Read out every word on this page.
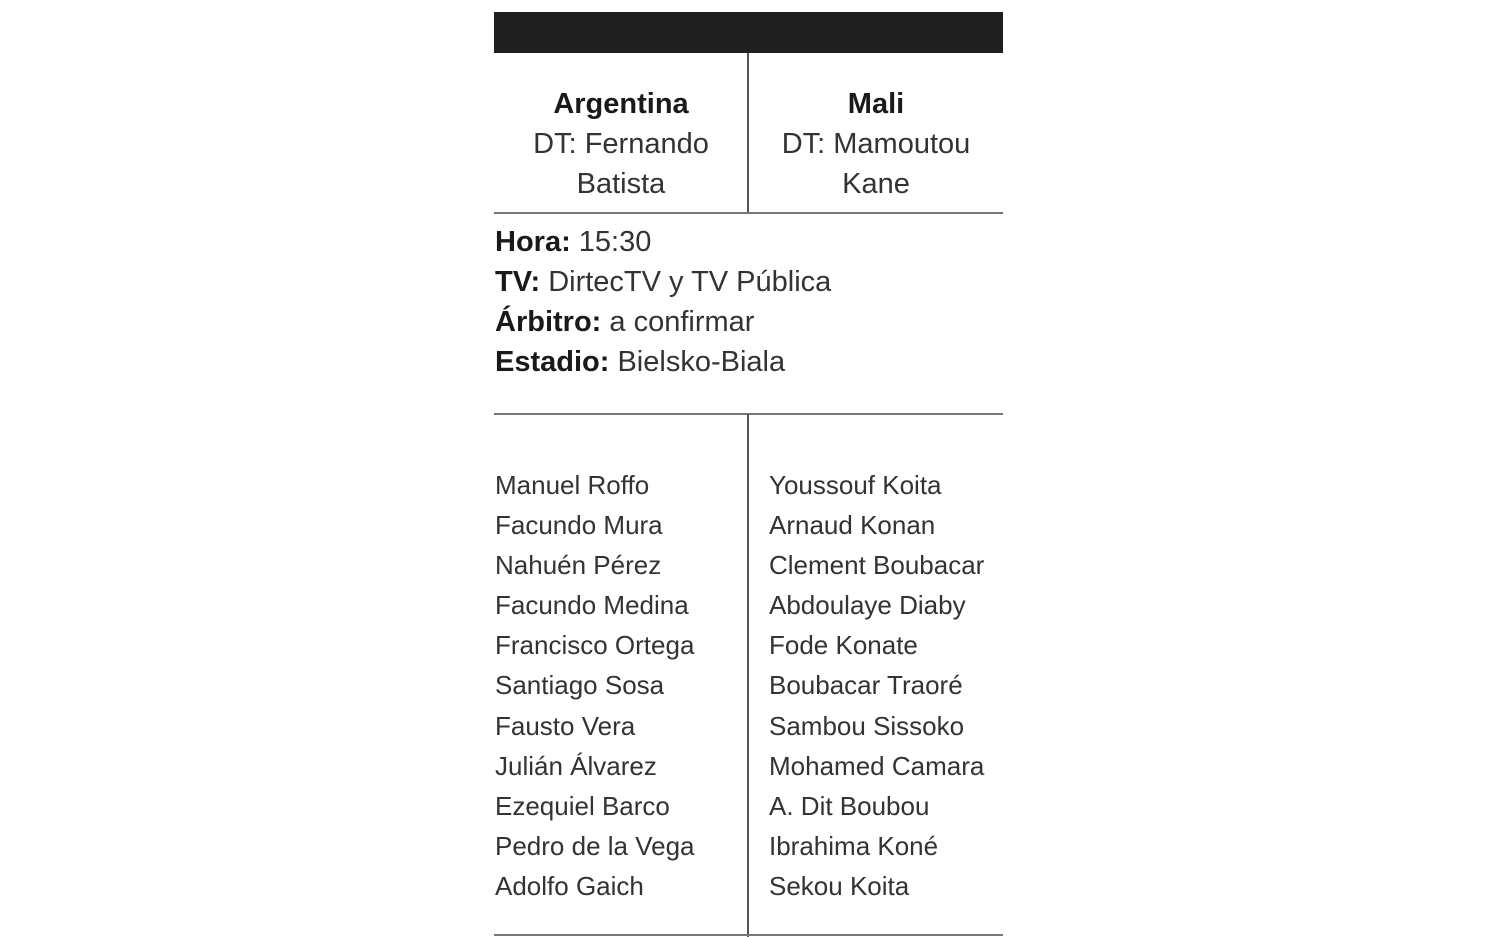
Argentina
DT: Fernando
Batista
Mali
DT: Mamoutou
Kane
Hora: 15:30
TV: DirtecTV y TV Pública
Árbitro: a confirmar
Estadio: Bielsko-Biala
Manuel Roffo
Facundo Mura
Nahuén Pérez
Facundo Medina
Francisco Ortega
Santiago Sosa
Fausto Vera
Julián Álvarez
Ezequiel Barco
Pedro de la Vega
Adolfo Gaich
Youssouf Koita
Arnaud Konan
Clement Boubacar
Abdoulaye Diaby
Fode Konate
Boubacar Traoré
Sambou Sissoko
Mohamed Camara
A. Dit Boubou
Ibrahima Koné
Sekou Koita
